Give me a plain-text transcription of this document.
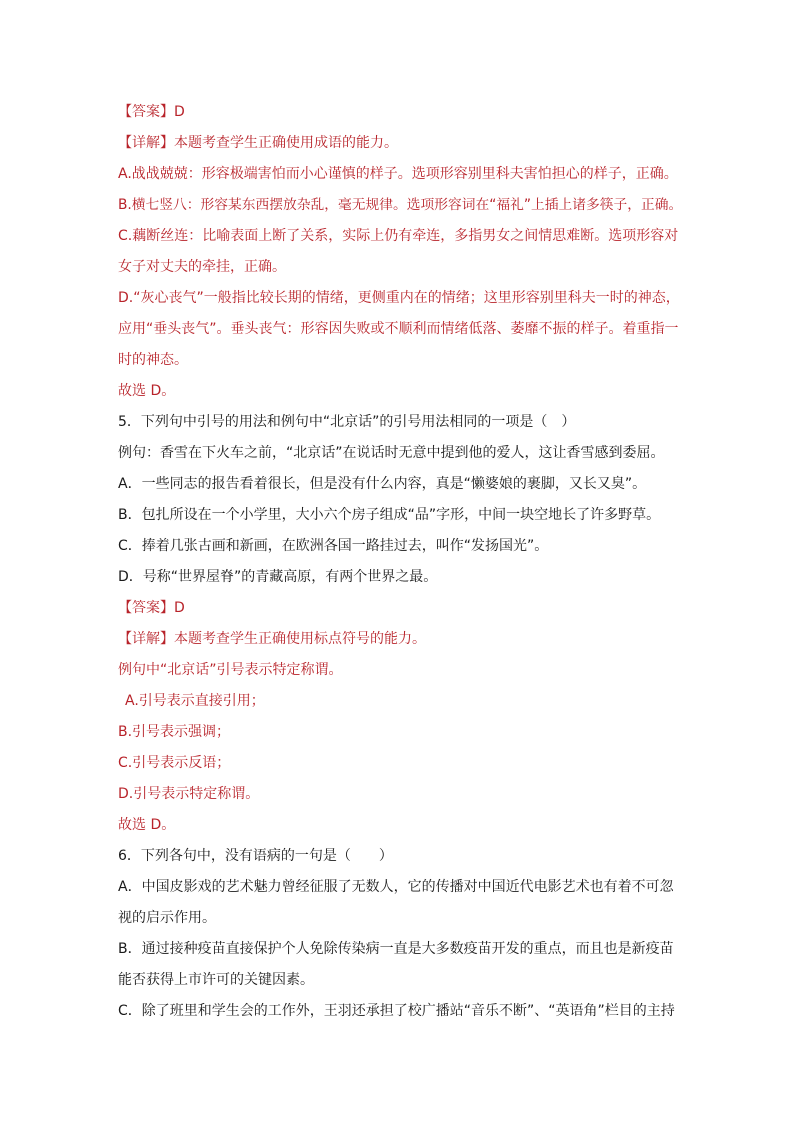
【答案】D
【详解】本题考查学生正确使用成语的能力。
A.战战兢兢：形容极端害怕而小心谨慎的样子。选项形容别里科夫害怕担心的样子，正确。
B.横七竖八：形容某东西摆放杂乱，毫无规律。选项形容词在“福礼”上插上诸多筷子，正确。
C.藕断丝连：比喻表面上断了关系，实际上仍有牵连，多指男女之间情思难断。选项形容对
女子对丈夫的牵挂，正确。
D.“灰心丧气”一般指比较长期的情绪，更侧重内在的情绪；这里形容别里科夫一时的神态，
应用“垂头丧气”。垂头丧气：形容因失败或不顺利而情绪低落、萎靡不振的样子。着重指一
时的神态。
故选 D。
5．下列句中引号的用法和例句中“北京话”的引号用法相同的一项是（　）
例句：香雪在下火车之前，“北京话”在说话时无意中提到他的爱人，这让香雪感到委屈。
A．一些同志的报告看着很长，但是没有什么内容，真是“懒婆娘的裹脚，又长又臭”。
B．包扎所设在一个小学里，大小六个房子组成“品”字形，中间一块空地长了许多野草。
C．捧着几张古画和新画，在欧洲各国一路挂过去，叫作“发扬国光”。
D．号称“世界屋脊”的青藏高原，有两个世界之最。
【答案】D
【详解】本题考查学生正确使用标点符号的能力。
例句中“北京话”引号表示特定称谓。
A.引号表示直接引用；
B.引号表示强调；
C.引号表示反语；
D.引号表示特定称谓。
故选 D。
6．下列各句中，没有语病的一句是（　　）
A．中国皮影戏的艺术魅力曾经征服了无数人，它的传播对中国近代电影艺术也有着不可忽
视的启示作用。
B．通过接种疫苗直接保护个人免除传染病一直是大多数疫苗开发的重点，而且也是新疫苗
能否获得上市许可的关键因素。
C．除了班里和学生会的工作外，王羽还承担了校广播站“音乐不断”、“英语角”栏目的主持
